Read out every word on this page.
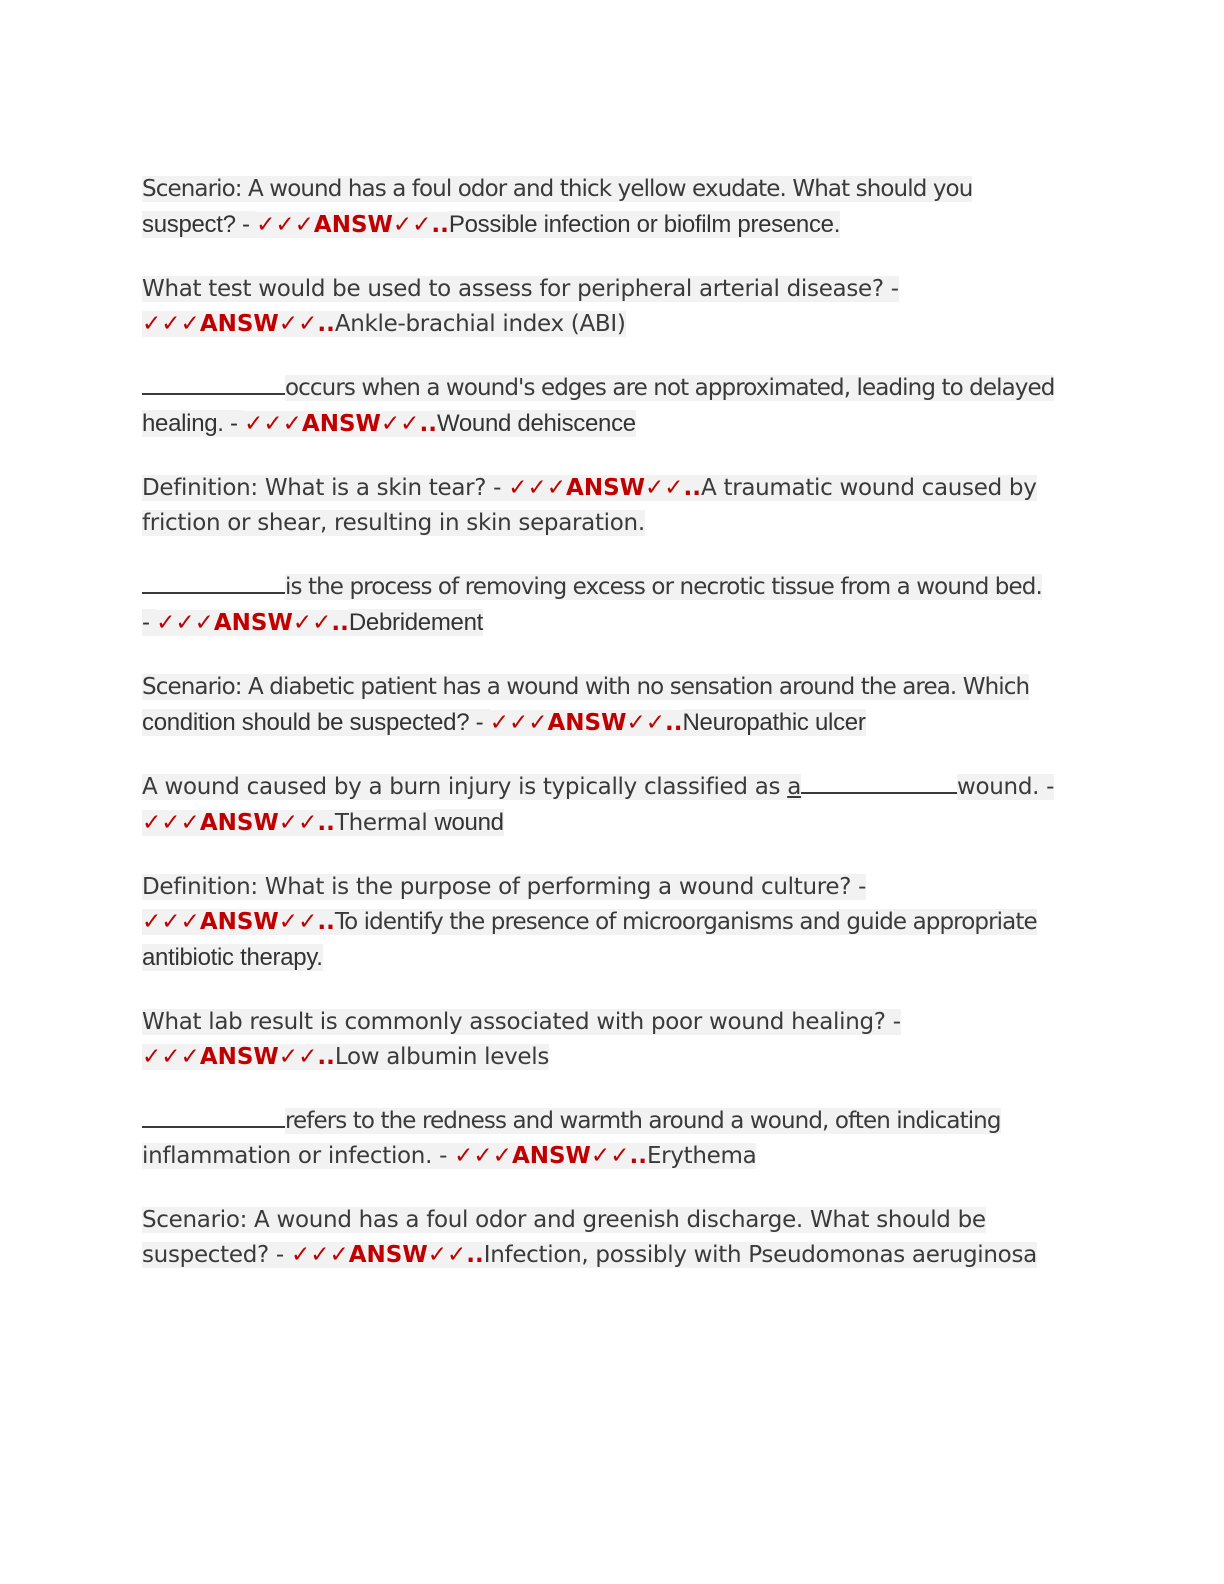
Scenario: A wound has a foul odor and thick yellow exudate. What should you
suspect? - ✓✓✓ANSW✓✓..Possible infection or biofilm presence.
What test would be used to assess for peripheral arterial disease? -
✓✓✓ANSW✓✓..Ankle-brachial index (ABI)
occurs when a wound's edges are not approximated, leading to delayed
healing. - ✓✓✓ANSW✓✓..Wound dehiscence
Definition: What is a skin tear? - ✓✓✓ANSW✓✓..A traumatic wound caused by
friction or shear, resulting in skin separation.
is the process of removing excess or necrotic tissue from a wound bed.
- ✓✓✓ANSW✓✓..Debridement
Scenario: A diabetic patient has a wound with no sensation around the area. Which
condition should be suspected? - ✓✓✓ANSW✓✓..Neuropathic ulcer
A wound caused by a burn injury is typically classified as a	wound. -
✓✓✓ANSW✓✓..Thermal wound
Definition: What is the purpose of performing a wound culture? -
✓✓✓ANSW✓✓..To identify the presence of microorganisms and guide appropriate
antibiotic therapy.
What lab result is commonly associated with poor wound healing? -
✓✓✓ANSW✓✓..Low albumin levels
refers to the redness and warmth around a wound, often indicating
inflammation or infection. - ✓✓✓ANSW✓✓..Erythema
Scenario: A wound has a foul odor and greenish discharge. What should be
suspected? - ✓✓✓ANSW✓✓..Infection, possibly with Pseudomonas aeruginosa
